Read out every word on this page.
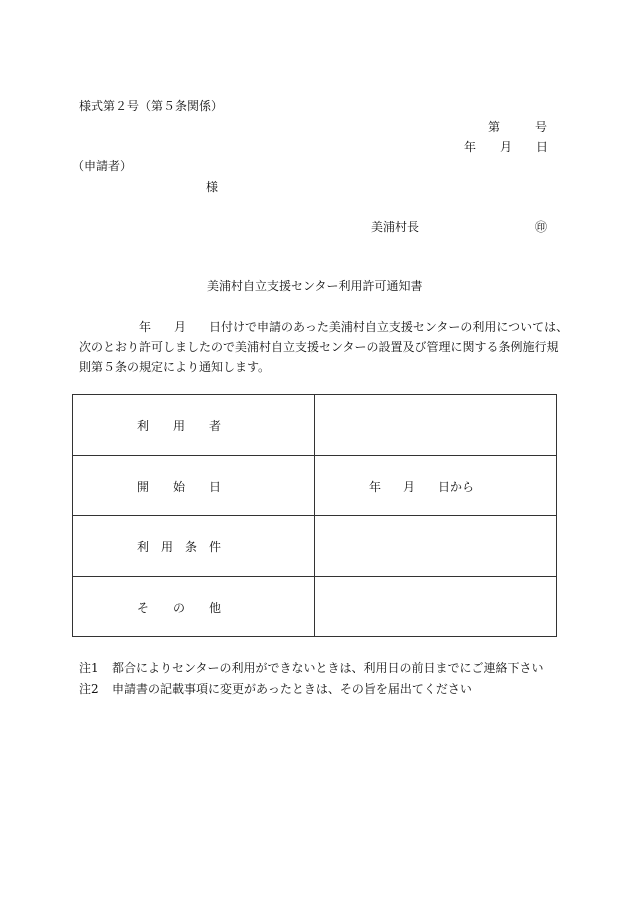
様式第２号（第５条関係）
第	号
年 月 日
（申請者）
様
美浦村長	㊞
美浦村自立支援センター利用許可通知書
年 月 日付けで申請のあった美浦村自立支援センターの利用については、
次のとおり許可しましたので美浦村自立支援センターの設置及び管理に関する条例施行規
則第５条の規定により通知します。
利 用 者	

開 始 日	年 月 日から

利 用 条 件	

そ の 他	

注1 都合によりセンターの利用ができないときは、利用日の前日までにご連絡下さい
注2 申請書の記載事項に変更があったときは、その旨を届出てください
